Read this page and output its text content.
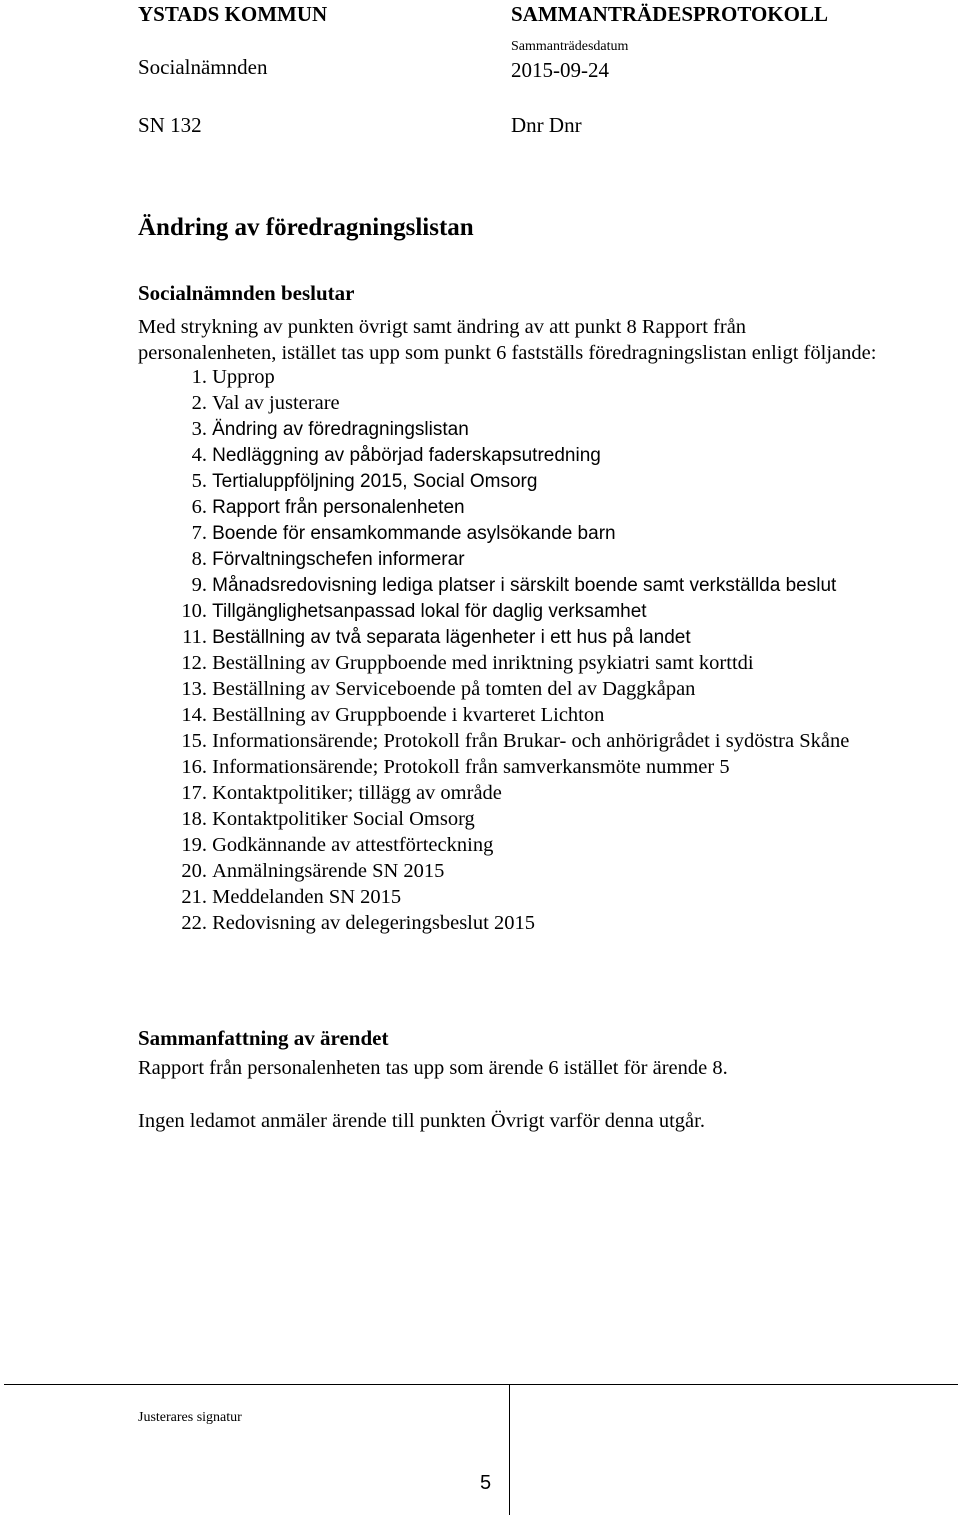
YSTADS KOMMUN	SAMMANTRÄDESPROTOKOLL
Socialnämnden
Sammanträdesdatum
2015-09-24
SN 132	Dnr Dnr
Ändring av föredragningslistan
Socialnämnden beslutar
Med strykning av punkten övrigt samt ändring av att punkt 8 Rapport från
personalenheten, istället tas upp som punkt 6 fastställs föredragningslistan enligt följande:
1. Upprop
2. Val av justerare
3. Ändring av föredragningslistan
4. Nedläggning av påbörjad faderskapsutredning
5. Tertialuppföljning 2015, Social Omsorg
6. Rapport från personalenheten
7. Boende för ensamkommande asylsökande barn
8. Förvaltningschefen informerar
9. Månadsredovisning lediga platser i särskilt boende samt verkställda beslut
10. Tillgänglighetsanpassad lokal för daglig verksamhet
11. Beställning av två separata lägenheter i ett hus på landet
12. Beställning av Gruppboende med inriktning psykiatri samt korttdi
13. Beställning av Serviceboende på tomten del av Daggkåpan
14. Beställning av Gruppboende i kvarteret Lichton
15. Informationsärende; Protokoll från Brukar- och anhörigrådet i sydöstra Skåne
16. Informationsärende; Protokoll från samverkansmöte nummer 5
17. Kontaktpolitiker; tillägg av område
18. Kontaktpolitiker Social Omsorg
19. Godkännande av attestförteckning
20. Anmälningsärende SN 2015
21. Meddelanden SN 2015
22. Redovisning av delegeringsbeslut 2015
Sammanfattning av ärendet
Rapport från personalenheten tas upp som ärende 6 istället för ärende 8.
Ingen ledamot anmäler ärende till punkten Övrigt varför denna utgår.
Justerares signatur
5
